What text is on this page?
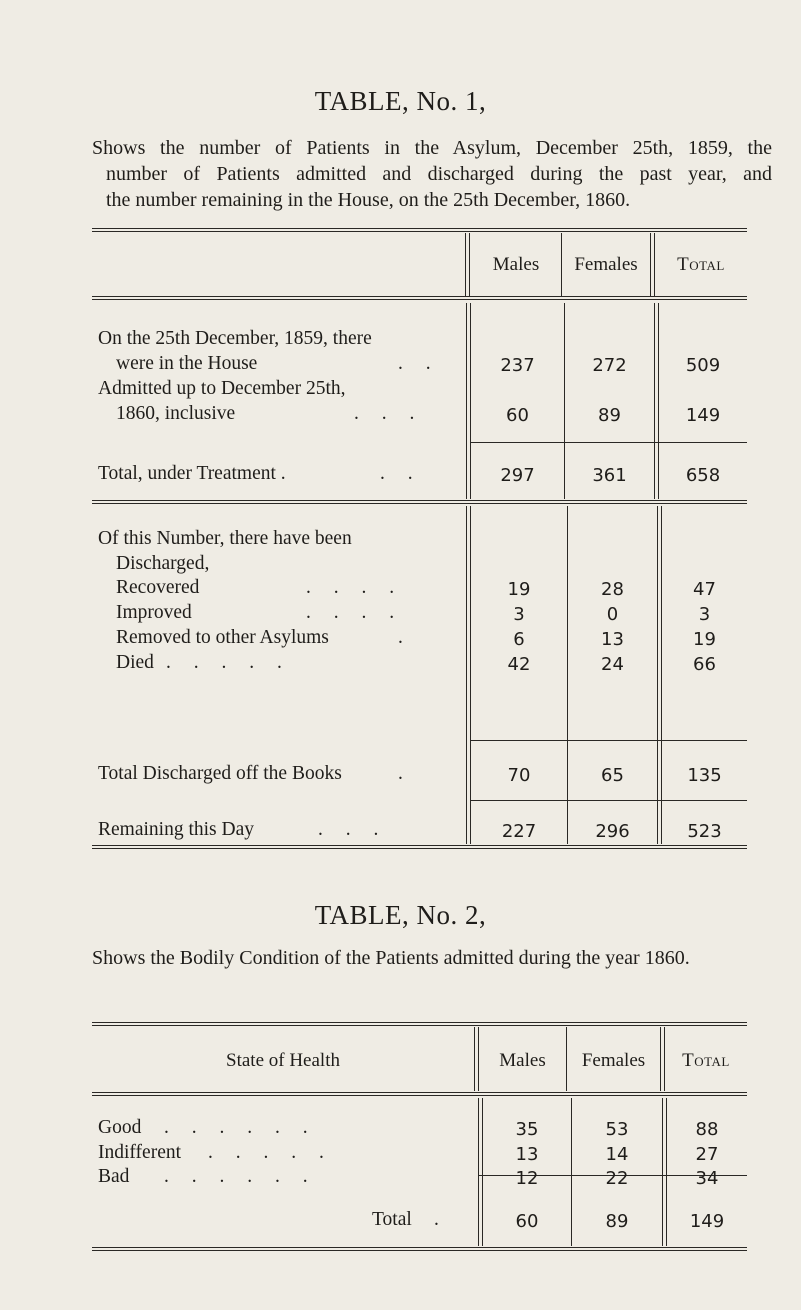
TABLE, No. 1,
Shows the number of Patients in the Asylum, December 25th, 1859, the
number of Patients admitted and discharged during the past year, and
the number remaining in the House, on the 25th December, 1860.
Males	Females	Total
On the 25th December, 1859, there
were in the House	. .	237	272	509
Admitted up to December 25th,
1860, inclusive	. . .	60	89	149
Total, under Treatment .	. .	297	361	658
Of this Number, there have been
Discharged,
Recovered	. . . .	19	28	47
Improved	. . . .	3	0	3
Removed to other Asylums	.	6	13	19
Died . . . . .	42	24	66
Total Discharged off the Books	.	70	65	135
Remaining this Day	. . .	227	296	523
TABLE, No. 2,
Shows the Bodily Condition of the Patients admitted during the year 1860.
State of Health	Males	Females	Total
Good . . . . . .	35	53	88
Indifferent . . . . .	13	14	27
Bad . . . . . .	12	22	34
Total .	60	89	149
